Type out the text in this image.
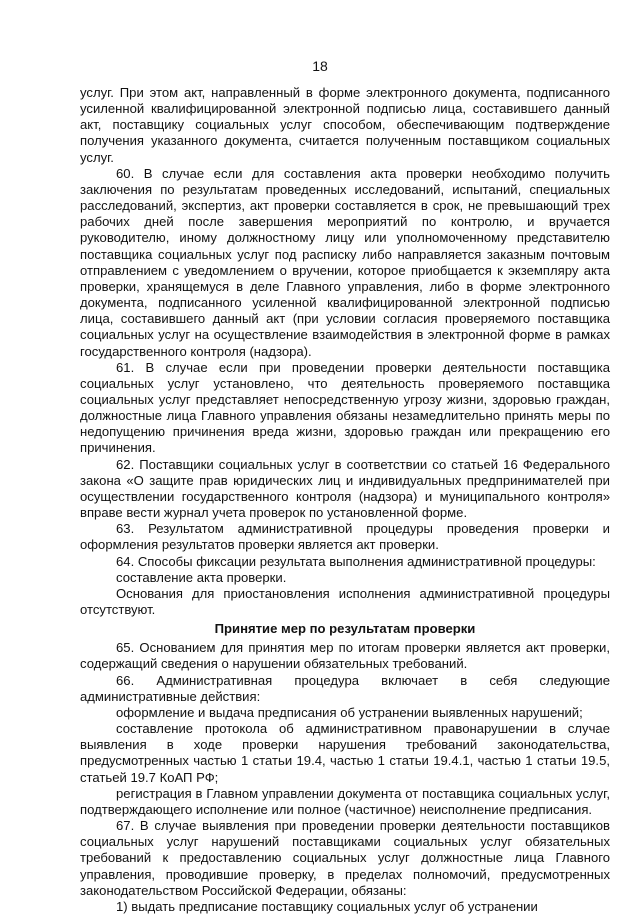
18

услуг. При этом акт, направленный в форме электронного документа, подписанного усиленной квалифицированной электронной подписью лица, составившего данный акт, поставщику социальных услуг способом, обеспечивающим подтверждение получения указанного документа, считается полученным поставщиком социальных услуг.

60. В случае если для составления акта проверки необходимо получить заключения по результатам проведенных исследований, испытаний, специальных расследований, экспертиз, акт проверки составляется в срок, не превышающий трех рабочих дней после завершения мероприятий по контролю, и вручается руководителю, иному должностному лицу или уполномоченному представителю поставщика социальных услуг под расписку либо направляется заказным почтовым отправлением с уведомлением о вручении, которое приобщается к экземпляру акта проверки, хранящемуся в деле Главного управления, либо в форме электронного документа, подписанного усиленной квалифицированной электронной подписью лица, составившего данный акт (при условии согласия проверяемого поставщика социальных услуг на осуществление взаимодействия в электронной форме в рамках государственного контроля (надзора).

61. В случае если при проведении проверки деятельности поставщика социальных услуг установлено, что деятельность проверяемого поставщика социальных услуг представляет непосредственную угрозу жизни, здоровью граждан, должностные лица Главного управления обязаны незамедлительно принять меры по недопущению причинения вреда жизни, здоровью граждан или прекращению его причинения.

62. Поставщики социальных услуг в соответствии со статьей 16 Федерального закона «О защите прав юридических лиц и индивидуальных предпринимателей при осуществлении государственного контроля (надзора) и муниципального контроля» вправе вести журнал учета проверок по установленной форме.

63. Результатом административной процедуры проведения проверки и оформления результатов проверки является акт проверки.

64. Способы фиксации результата выполнения административной процедуры:

составление акта проверки.

Основания для приостановления исполнения административной процедуры отсутствуют.

Принятие мер по результатам проверки

65. Основанием для принятия мер по итогам проверки является акт проверки, содержащий сведения о нарушении обязательных требований.

66. Административная процедура включает в себя следующие административные действия:

оформление и выдача предписания об устранении выявленных нарушений;

составление протокола об административном правонарушении в случае выявления в ходе проверки нарушения требований законодательства, предусмотренных частью 1 статьи 19.4, частью 1 статьи 19.4.1, частью 1 статьи 19.5, статьей 19.7 КоАП РФ;

регистрация в Главном управлении документа от поставщика социальных услуг, подтверждающего исполнение или полное (частичное) неисполнение предписания.

67. В случае выявления при проведении проверки деятельности поставщиков социальных услуг нарушений поставщиками социальных услуг обязательных требований к предоставлению социальных услуг должностные лица Главного управления, проводившие проверку, в пределах полномочий, предусмотренных законодательством Российской Федерации, обязаны:

1) выдать предписание поставщику социальных услуг об устранении
